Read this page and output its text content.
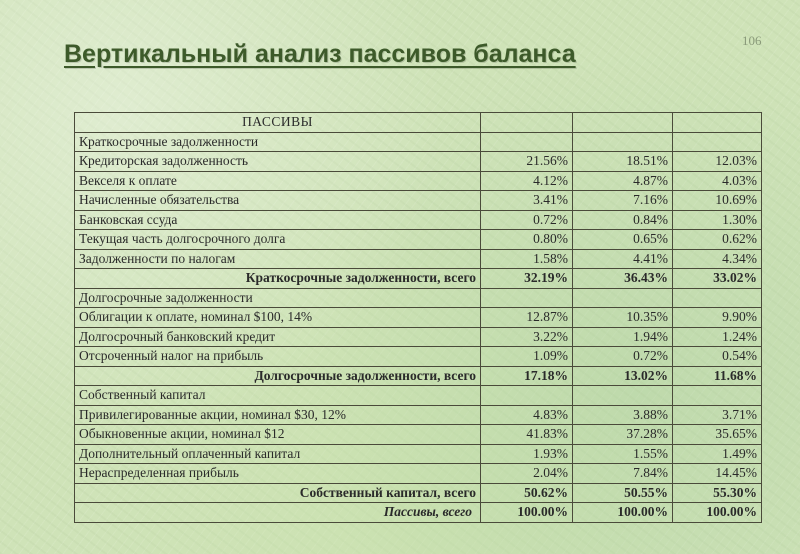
106
Вертикальный анализ пассивов баланса
ПАССИВЫ			
Краткосрочные задолженности			
Кредиторская задолженность	21.56%	18.51%	12.03%
Векселя к оплате	4.12%	4.87%	4.03%
Начисленные обязательства	3.41%	7.16%	10.69%
Банковская ссуда	0.72%	0.84%	1.30%
Текущая часть долгосрочного долга	0.80%	0.65%	0.62%
Задолженности по налогам	1.58%	4.41%	4.34%
Краткосрочные задолженности, всего	32.19%	36.43%	33.02%
Долгосрочные задолженности			
Облигации к оплате, номинал $100, 14%	12.87%	10.35%	9.90%
Долгосрочный банковский кредит	3.22%	1.94%	1.24%
Отсроченный налог на прибыль	1.09%	0.72%	0.54%
Долгосрочные задолженности, всего	17.18%	13.02%	11.68%
Собственный капитал			
Привилегированные акции, номинал $30, 12%	4.83%	3.88%	3.71%
Обыкновенные акции, номинал $12	41.83%	37.28%	35.65%
Дополнительный оплаченный капитал	1.93%	1.55%	1.49%
Нераспределенная прибыль	2.04%	7.84%	14.45%
Собственный капитал, всего	50.62%	50.55%	55.30%
Пассивы, всего	100.00%	100.00%	100.00%
